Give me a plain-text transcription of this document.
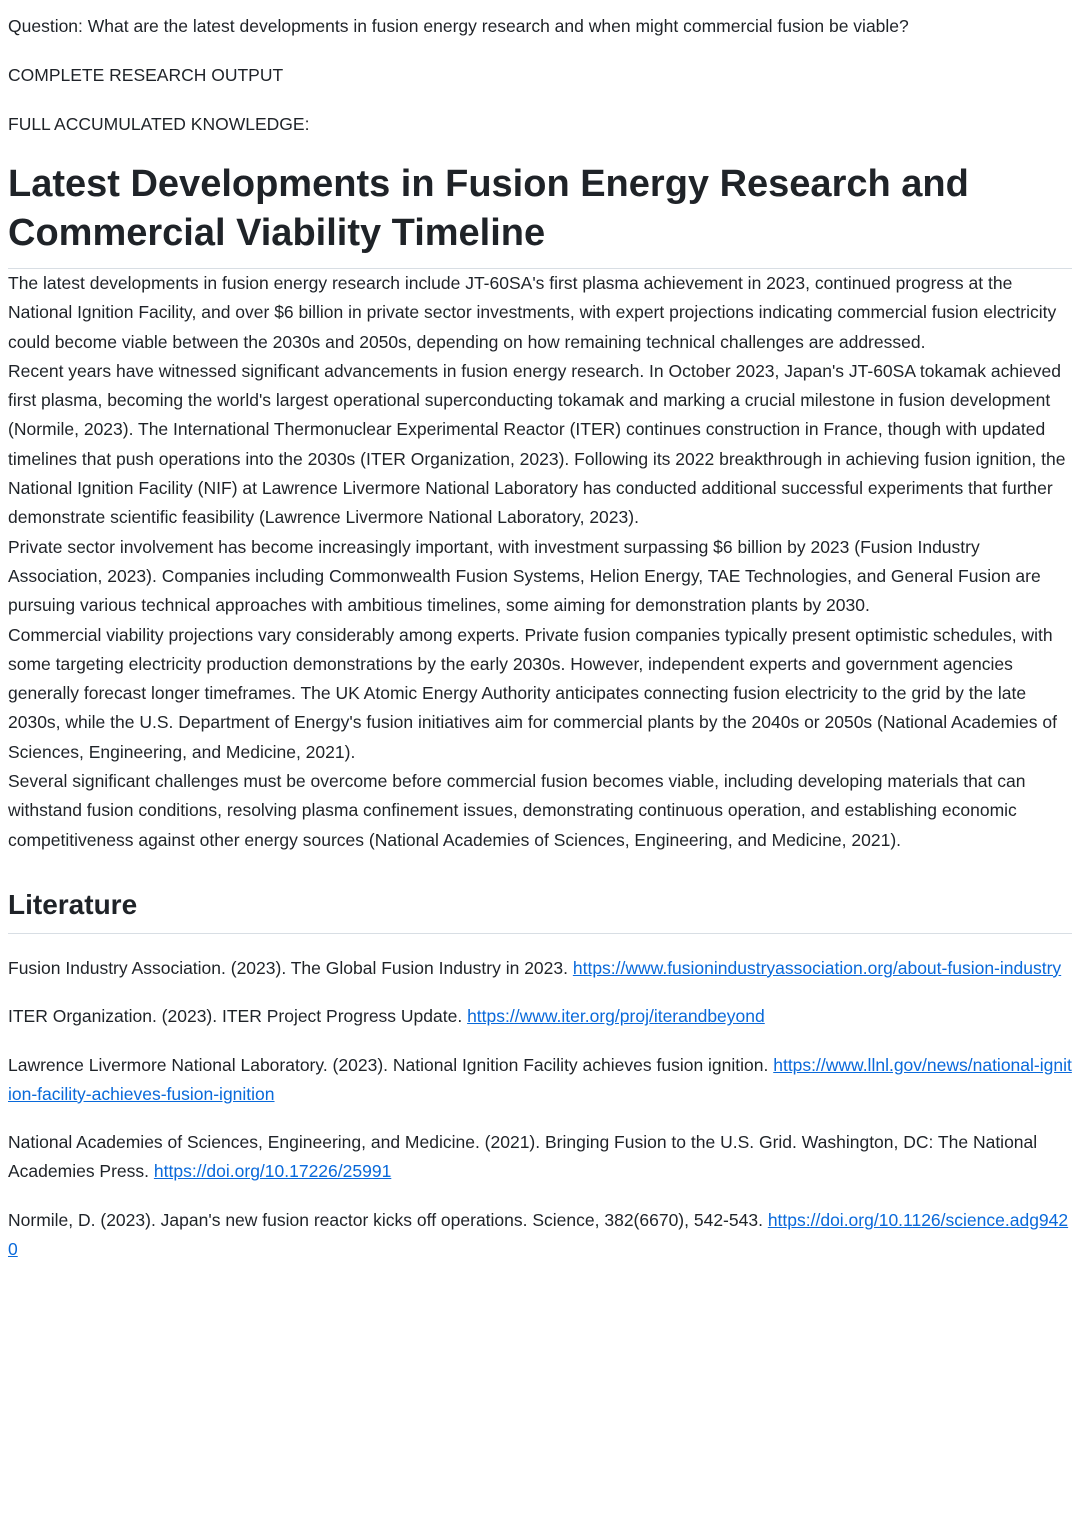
Question: What are the latest developments in fusion energy research and when might commercial fusion be viable?

COMPLETE RESEARCH OUTPUT

FULL ACCUMULATED KNOWLEDGE:

Latest Developments in Fusion Energy Research and Commercial Viability Timeline

The latest developments in fusion energy research include JT-60SA's first plasma achievement in 2023, continued progress at the National Ignition Facility, and over $6 billion in private sector investments, with expert projections indicating commercial fusion electricity could become viable between the 2030s and 2050s, depending on how remaining technical challenges are addressed.

Recent years have witnessed significant advancements in fusion energy research. In October 2023, Japan's JT-60SA tokamak achieved first plasma, becoming the world's largest operational superconducting tokamak and marking a crucial milestone in fusion development (Normile, 2023). The International Thermonuclear Experimental Reactor (ITER) continues construction in France, though with updated timelines that push operations into the 2030s (ITER Organization, 2023). Following its 2022 breakthrough in achieving fusion ignition, the National Ignition Facility (NIF) at Lawrence Livermore National Laboratory has conducted additional successful experiments that further demonstrate scientific feasibility (Lawrence Livermore National Laboratory, 2023).

Private sector involvement has become increasingly important, with investment surpassing $6 billion by 2023 (Fusion Industry Association, 2023). Companies including Commonwealth Fusion Systems, Helion Energy, TAE Technologies, and General Fusion are pursuing various technical approaches with ambitious timelines, some aiming for demonstration plants by 2030.

Commercial viability projections vary considerably among experts. Private fusion companies typically present optimistic schedules, with some targeting electricity production demonstrations by the early 2030s. However, independent experts and government agencies generally forecast longer timeframes. The UK Atomic Energy Authority anticipates connecting fusion electricity to the grid by the late 2030s, while the U.S. Department of Energy's fusion initiatives aim for commercial plants by the 2040s or 2050s (National Academies of Sciences, Engineering, and Medicine, 2021).

Several significant challenges must be overcome before commercial fusion becomes viable, including developing materials that can withstand fusion conditions, resolving plasma confinement issues, demonstrating continuous operation, and establishing economic competitiveness against other energy sources (National Academies of Sciences, Engineering, and Medicine, 2021).

Literature

Fusion Industry Association. (2023). The Global Fusion Industry in 2023. https://www.fusionindustryassociation.org/about-fusion-industry

ITER Organization. (2023). ITER Project Progress Update. https://www.iter.org/proj/iterandbeyond

Lawrence Livermore National Laboratory. (2023). National Ignition Facility achieves fusion ignition. https://www.llnl.gov/news/national-ignition-facility-achieves-fusion-ignition

National Academies of Sciences, Engineering, and Medicine. (2021). Bringing Fusion to the U.S. Grid. Washington, DC: The National Academies Press. https://doi.org/10.17226/25991

Normile, D. (2023). Japan's new fusion reactor kicks off operations. Science, 382(6670), 542-543. https://doi.org/10.1126/science.adg9420
